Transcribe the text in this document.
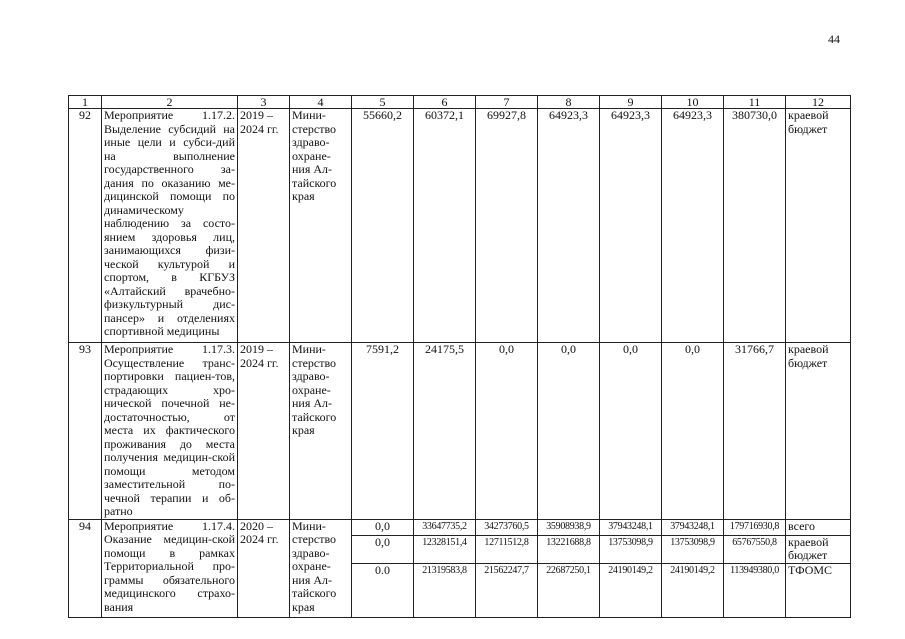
44
1	2	3	4	5	6	7	8	9	10	11	12
92	Мероприятие 1.17.2. Выделение субсидий на иные цели и субси-дий на выполнение государственного за-дания по оказанию ме-дицинской помощи по динамическому наблюдению за состо-янием здоровья лиц, занимающихся физи-ческой культурой и спортом, в КГБУЗ «Алтайский врачебно-физкультурный дис-пансер» и отделениях спортивной медицины	2019 – 2024 гг.	Мини-стерство здраво-охране-ния Ал-тайского края	55660,2	60372,1	69927,8	64923,3	64923,3	64923,3	380730,0	краевой бюджет
93	Мероприятие 1.17.3. Осуществление транс-портировки пациен-тов, страдающих хро-нической почечной не-достаточностью, от места их фактического проживания до места получения медицин-ской помощи методом заместительной по-чечной терапии и об-ратно	2019 – 2024 гг.	Мини-стерство здраво-охране-ния Ал-тайского края	7591,2	24175,5	0,0	0,0	0,0	0,0	31766,7	краевой бюджет
94	Мероприятие 1.17.4. Оказание медицин-ской помощи в рамках Территориальной про-граммы обязательного медицинского страхо-вания	2020 – 2024 гг.	Мини-стерство здраво-охране-ния Ал-тайского края	0,0	33647735,2	34273760,5	35908938,9	37943248,1	37943248,1	179716930,8	всего
				0,0	12328151,4	12711512,8	13221688,8	13753098,9	13753098,9	65767550,8	краевой бюджет
				0.0	21319583,8	21562247,7	22687250,1	24190149,2	24190149,2	113949380,0	ТФОМС
